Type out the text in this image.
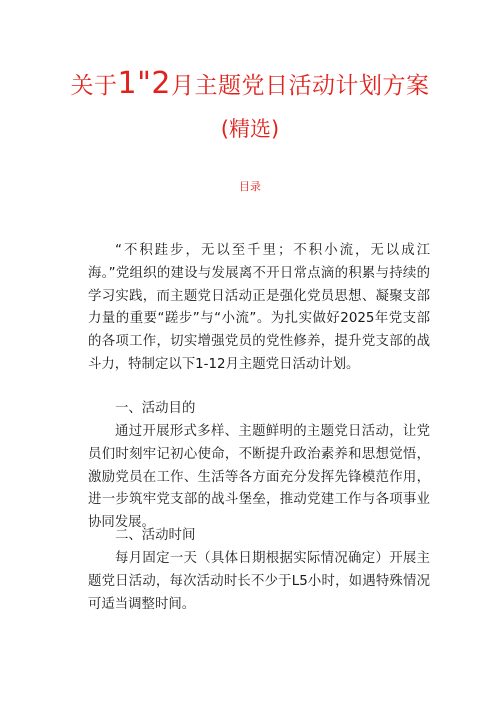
关于1"2月主题党日活动计划方案
(精选)
目录

“不积跬步，无以至千里；不积小流，无以成江海。”党组织的建设与发展离不开日常点滴的积累与持续的学习实践，而主题党日活动正是强化党员思想、凝聚支部力量的重要“蹉步”与“小流”。为扎实做好2025年党支部的各项工作，切实增强党员的党性修养，提升党支部的战斗力，特制定以下1-12月主题党日活动计划。

一、活动目的

通过开展形式多样、主题鲜明的主题党日活动，让党员们时刻牢记初心使命，不断提升政治素养和思想觉悟，激励党员在工作、生活等各方面充分发挥先锋模范作用，进一步筑牢党支部的战斗堡垒，推动党建工作与各项事业协同发展。

二、活动时间

每月固定一天（具体日期根据实际情况确定）开展主题党日活动，每次活动时长不少于L5小时，如遇特殊情况可适当调整时间。
